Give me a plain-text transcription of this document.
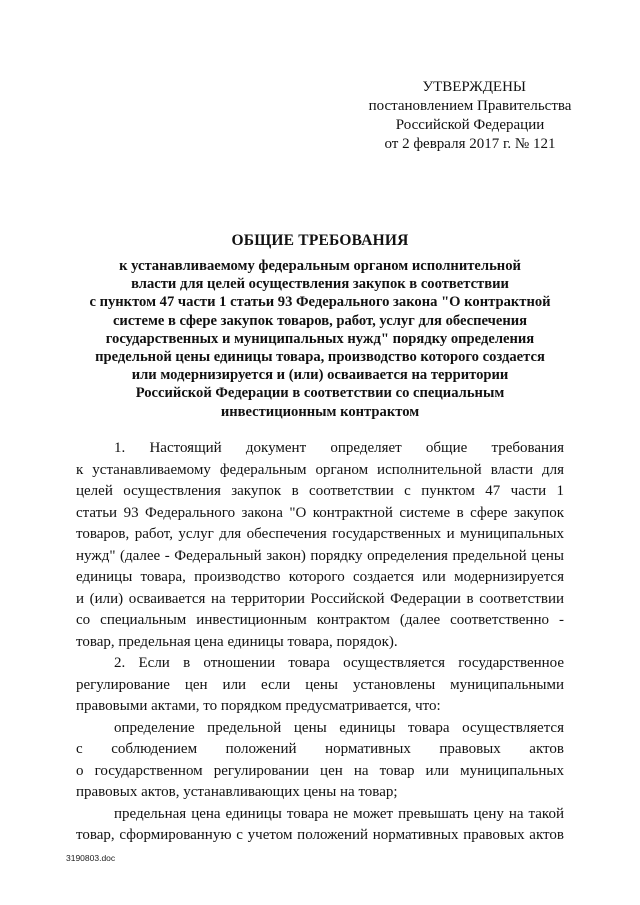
УТВЕРЖДЕНЫ
постановлением Правительства
Российской Федерации
от 2 февраля 2017 г. № 121
ОБЩИЕ ТРЕБОВАНИЯ
к устанавливаемому федеральным органом исполнительной
власти для целей осуществления закупок в соответствии
с пунктом 47 части 1 статьи 93 Федерального закона "О контрактной
системе в сфере закупок товаров, работ, услуг для обеспечения
государственных и муниципальных нужд" порядку определения
предельной цены единицы товара, производство которого создается
или модернизируется и (или) осваивается на территории
Российской Федерации в соответствии со специальным
инвестиционным контрактом
1. Настоящий документ определяет общие требования
к устанавливаемому федеральным органом исполнительной власти для
целей осуществления закупок в соответствии с пунктом 47 части 1
статьи 93 Федерального закона "О контрактной системе в сфере закупок
товаров, работ, услуг для обеспечения государственных и муниципальных
нужд" (далее - Федеральный закон) порядку определения предельной цены
единицы товара, производство которого создается или модернизируется
и (или) осваивается на территории Российской Федерации в соответствии
со специальным инвестиционным контрактом (далее соответственно -
товар, предельная цена единицы товара, порядок).
2. Если в отношении товара осуществляется государственное
регулирование цен или если цены установлены муниципальными
правовыми актами, то порядком предусматривается, что:
определение предельной цены единицы товара осуществляется
с соблюдением положений нормативных правовых актов
о государственном регулировании цен на товар или муниципальных
правовых актов, устанавливающих цены на товар;
предельная цена единицы товара не может превышать цену на такой
товар, сформированную с учетом положений нормативных правовых актов
3190803.doc
